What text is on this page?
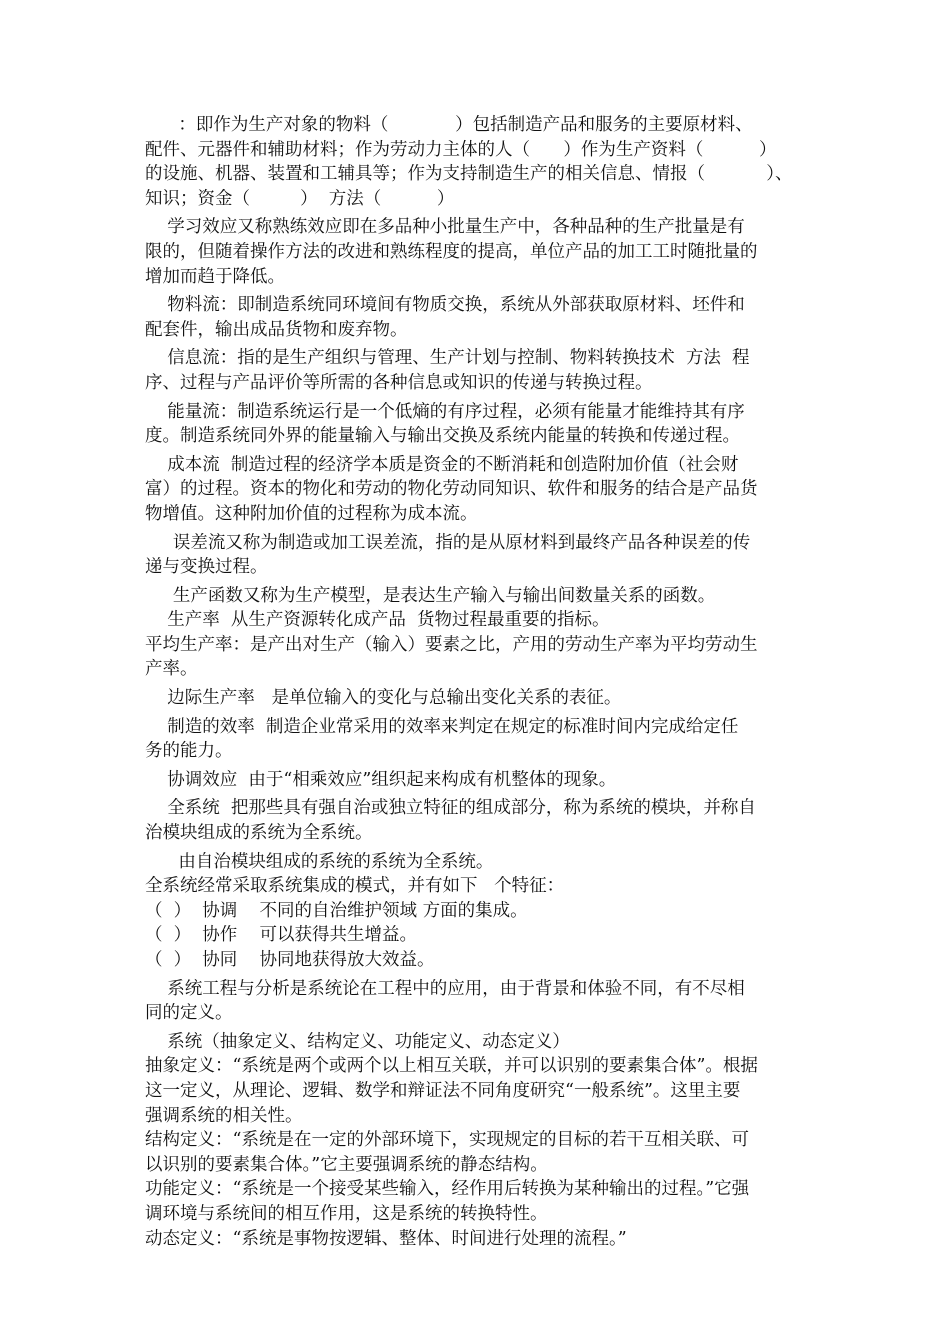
：即作为生产对象的物料（            ）包括制造产品和服务的主要原材料、
配件、元器件和辅助材料；作为劳动力主体的人（      ）作为生产资料（          ）
的设施、机器、装置和工辅具等；作为支持制造生产的相关信息、情报（           ）、
知识；资金（         ）  方法（          ）
学习效应又称熟练效应即在多品种小批量生产中，各种品种的生产批量是有
限的，但随着操作方法的改进和熟练程度的提高，单位产品的加工工时随批量的
增加而趋于降低。
物料流：即制造系统同环境间有物质交换，系统从外部获取原材料、坯件和
配套件，输出成品货物和废弃物。
信息流：指的是生产组织与管理、生产计划与控制、物料转换技术  方法  程
序、过程与产品评价等所需的各种信息或知识的传递与转换过程。
能量流：制造系统运行是一个低熵的有序过程，必须有能量才能维持其有序
度。制造系统同外界的能量输入与输出交换及系统内能量的转换和传递过程。
成本流  制造过程的经济学本质是资金的不断消耗和创造附加价值（社会财
富）的过程。资本的物化和劳动的物化劳动同知识、软件和服务的结合是产品货
物增值。这种附加价值的过程称为成本流。
误差流又称为制造或加工误差流，指的是从原材料到最终产品各种误差的传
递与变换过程。
生产函数又称为生产模型，是表达生产输入与输出间数量关系的函数。
生产率  从生产资源转化成产品  货物过程最重要的指标。
平均生产率：是产出对生产（输入）要素之比，产用的劳动生产率为平均劳动生
产率。
边际生产率   是单位输入的变化与总输出变化关系的表征。
制造的效率  制造企业常采用的效率来判定在规定的标准时间内完成给定任
务的能力。
协调效应  由于“相乘效应”组织起来构成有机整体的现象。
全系统  把那些具有强自治或独立特征的组成部分，称为系统的模块，并称自
治模块组成的系统为全系统。
由自治模块组成的系统的系统为全系统。
全系统经常采取系统集成的模式，并有如下   个特征：
（  ）  协调    不同的自治维护领域 方面的集成。
（  ）  协作    可以获得共生增益。
（  ）  协同    协同地获得放大效益。
系统工程与分析是系统论在工程中的应用，由于背景和体验不同，有不尽相
同的定义。
系统（抽象定义、结构定义、功能定义、动态定义）
抽象定义：“系统是两个或两个以上相互关联，并可以识别的要素集合体”。根据
这一定义，从理论、逻辑、数学和辩证法不同角度研究“一般系统”。这里主要
强调系统的相关性。
结构定义：“系统是在一定的外部环境下，实现规定的目标的若干互相关联、可
以识别的要素集合体。”它主要强调系统的静态结构。
功能定义：“系统是一个接受某些输入，经作用后转换为某种输出的过程。”它强
调环境与系统间的相互作用，这是系统的转换特性。
动态定义：“系统是事物按逻辑、整体、时间进行处理的流程。”
